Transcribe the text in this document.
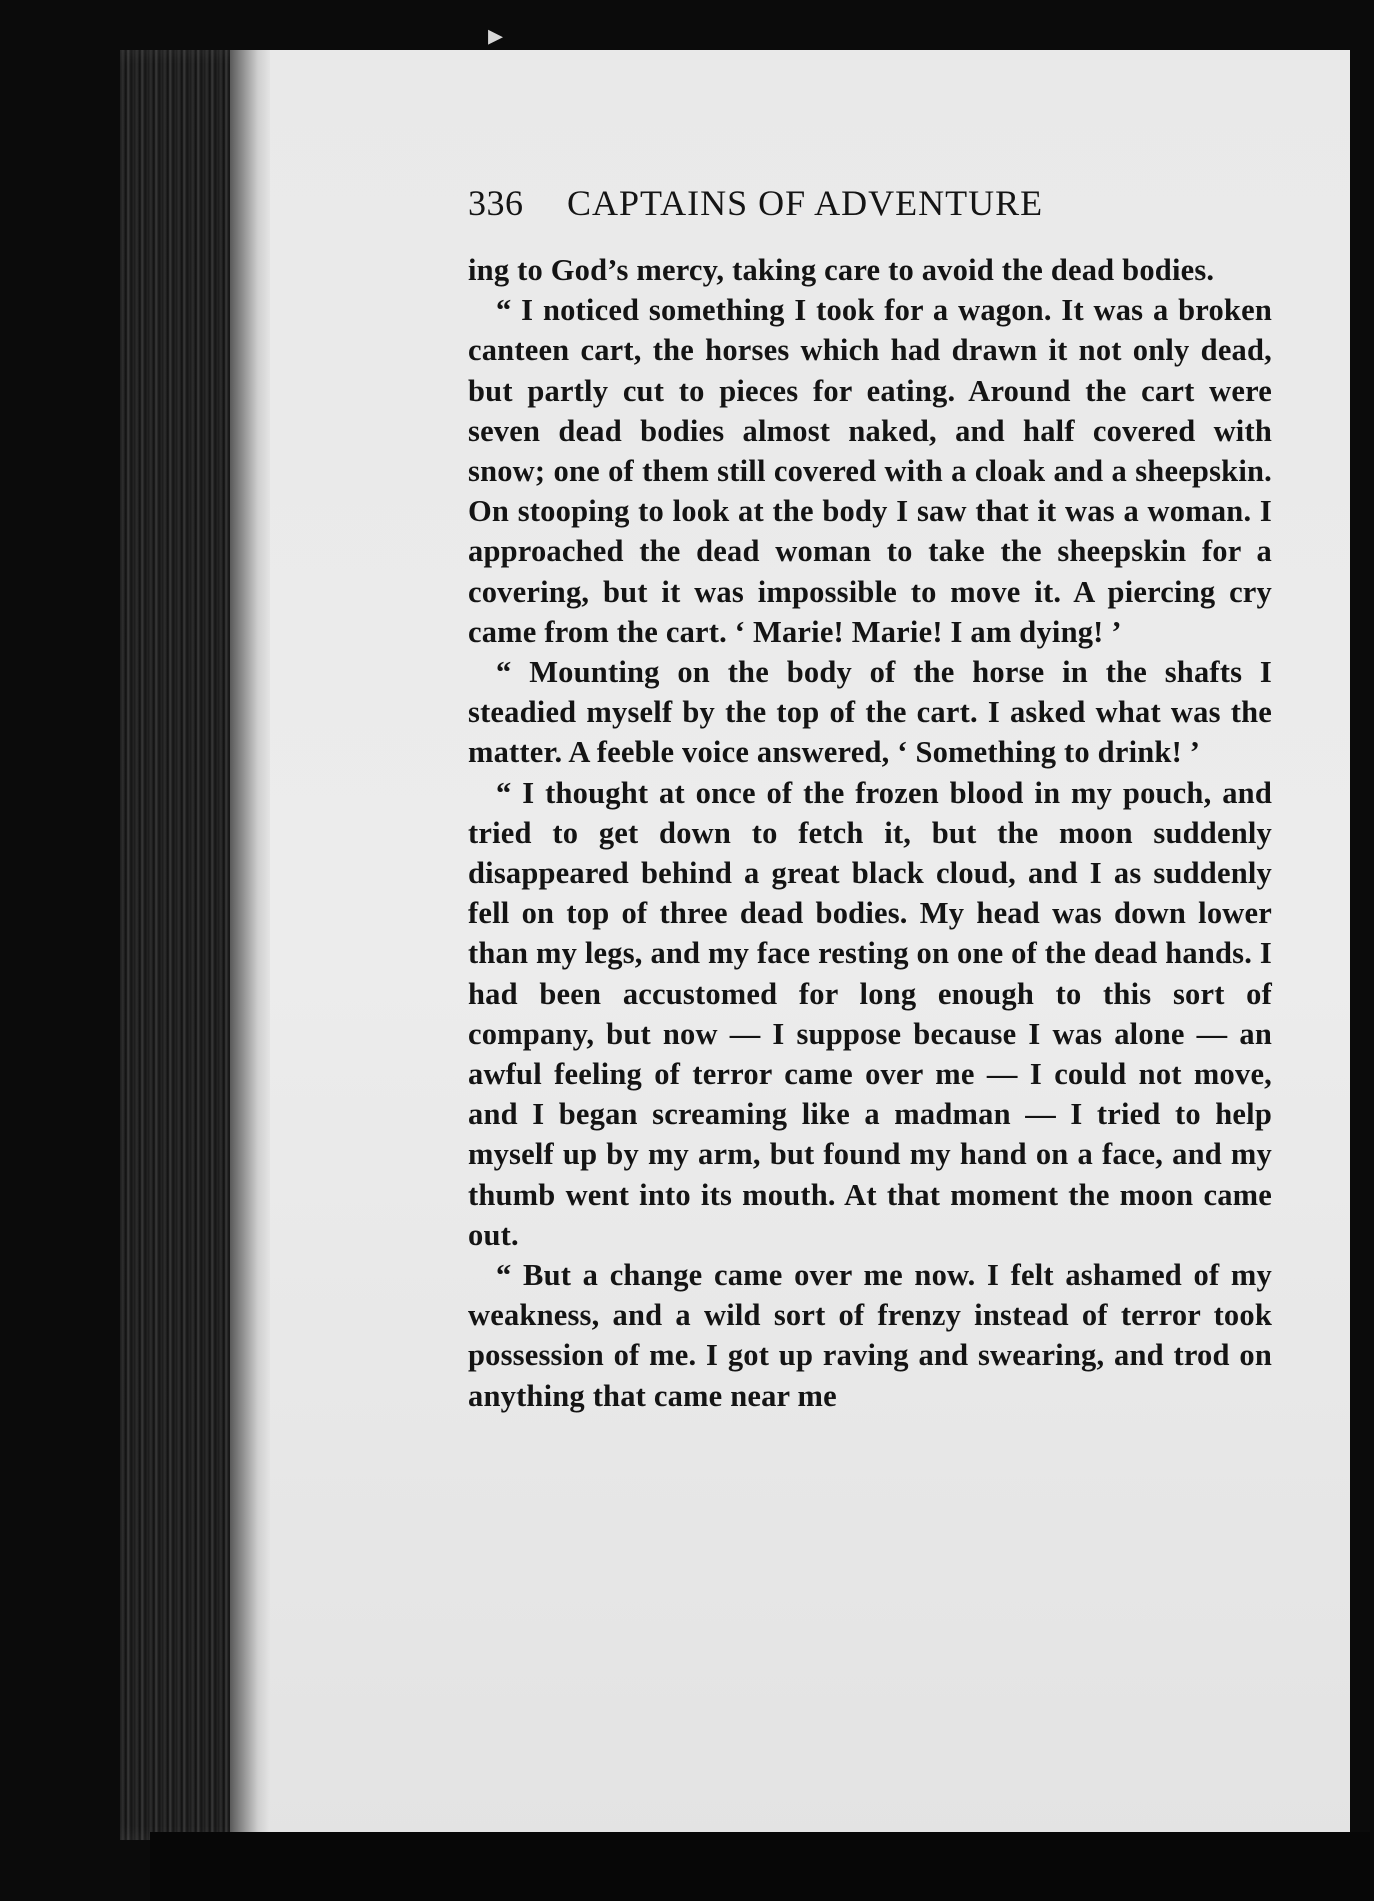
▸
336 CAPTAINS OF ADVENTURE

ing to God’s mercy, taking care to avoid the dead bodies.

“ I noticed something I took for a wagon. It was a broken canteen cart, the horses which had drawn it not only dead, but partly cut to pieces for eating. Around the cart were seven dead bodies almost naked, and half covered with snow; one of them still covered with a cloak and a sheepskin. On stooping to look at the body I saw that it was a woman. I approached the dead woman to take the sheepskin for a covering, but it was impossible to move it. A piercing cry came from the cart. ‘ Marie! Marie! I am dying! ’

“ Mounting on the body of the horse in the shafts I steadied myself by the top of the cart. I asked what was the matter. A feeble voice answered, ‘ Something to drink! ’

“ I thought at once of the frozen blood in my pouch, and tried to get down to fetch it, but the moon suddenly disappeared behind a great black cloud, and I as suddenly fell on top of three dead bodies. My head was down lower than my legs, and my face resting on one of the dead hands. I had been accustomed for long enough to this sort of company, but now — I suppose because I was alone — an awful feeling of terror came over me — I could not move, and I began screaming like a madman — I tried to help myself up by my arm, but found my hand on a face, and my thumb went into its mouth. At that moment the moon came out.

“ But a change came over me now. I felt ashamed of my weakness, and a wild sort of frenzy instead of terror took possession of me. I got up raving and swearing, and trod on anything that came near me
